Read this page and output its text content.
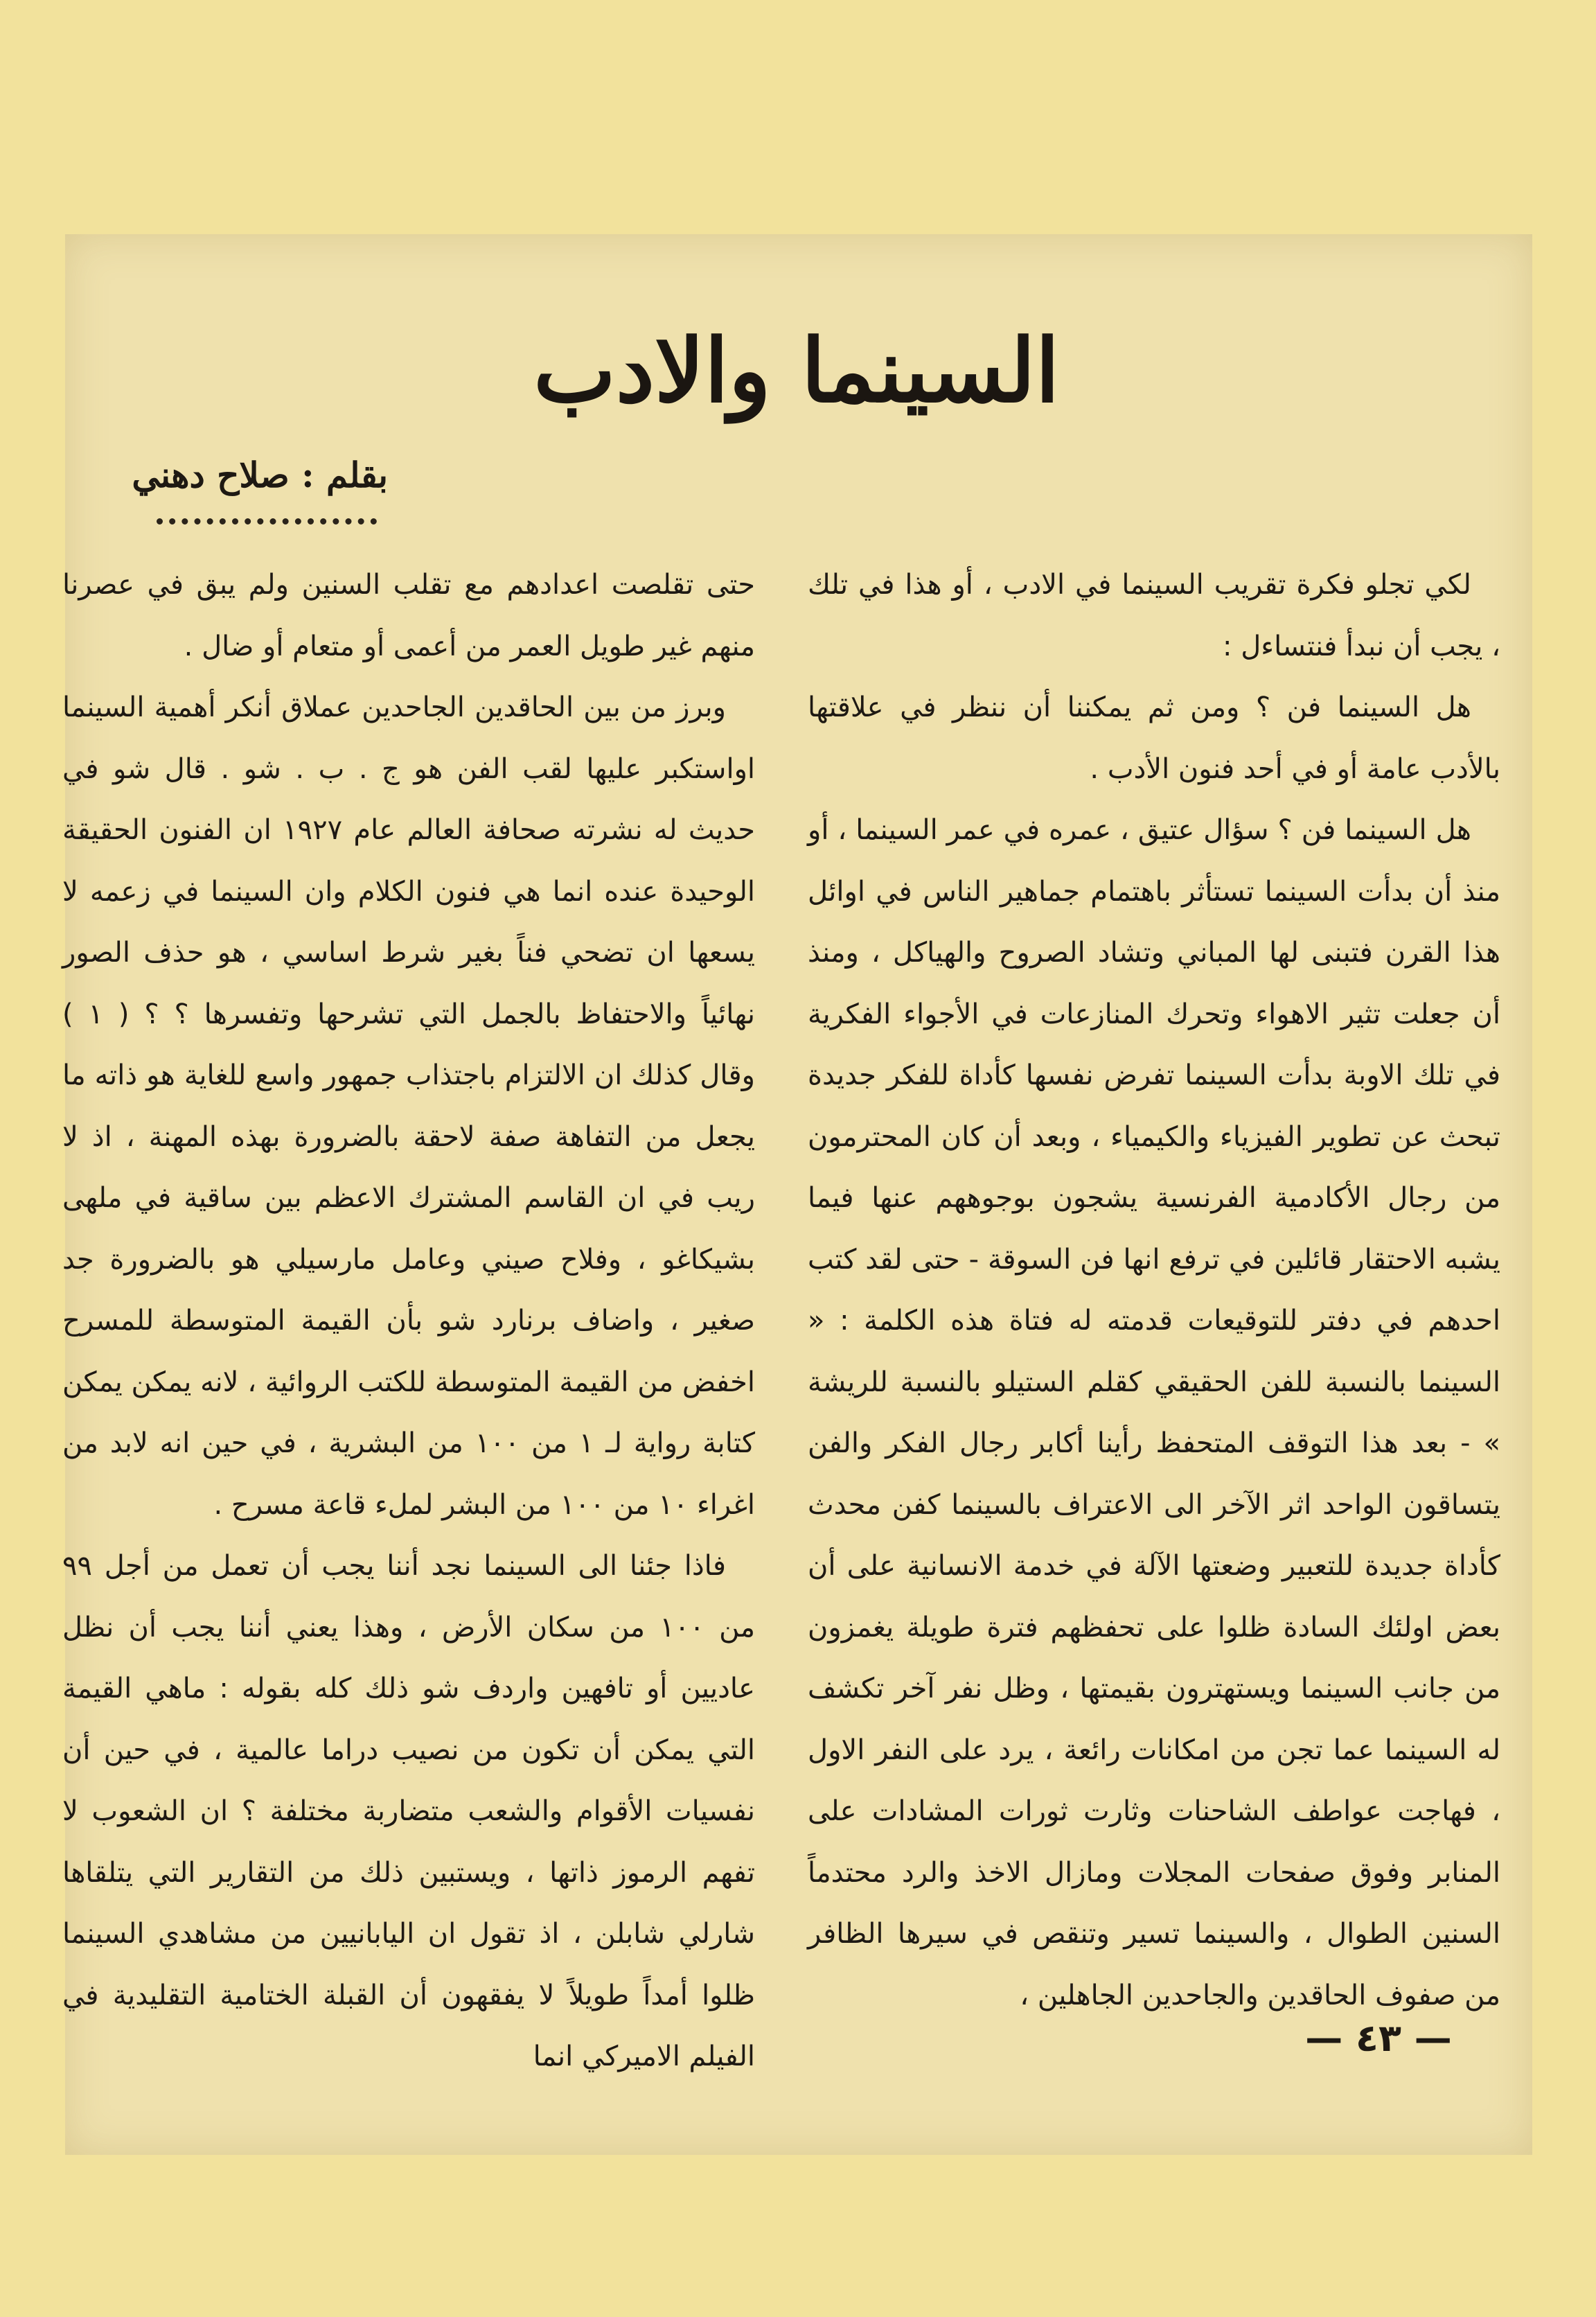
السينما والادب
بقلم : صلاح دهني

لكي تجلو فكرة تقريب السينما في الادب ، أو هذا في تلك ، يجب أن نبدأ فنتساءل :

هل السينما فن ؟ ومن ثم يمكننا أن ننظر في علاقتها بالأدب عامة أو في أحد فنون الأدب .

هل السينما فن ؟ سؤال عتيق ، عمره في عمر السينما ، أو منذ أن بدأت السينما تستأثر باهتمام جماهير الناس في اوائل هذا القرن فتبنى لها المباني وتشاد الصروح والهياكل ، ومنذ أن جعلت تثير الاهواء وتحرك المنازعات في الأجواء الفكرية في تلك الاوبة بدأت السينما تفرض نفسها كأداة للفكر جديدة تبحث عن تطوير الفيزياء والكيمياء ، وبعد أن كان المحترمون من رجال الأكادمية الفرنسية يشجون بوجوههم عنها فيما يشبه الاحتقار قائلين في ترفع انها فن السوقة - حتى لقد كتب احدهم في دفتر للتوقيعات قدمته له فتاة هذه الكلمة : « السينما بالنسبة للفن الحقيقي كقلم الستيلو بالنسبة للريشة » - بعد هذا التوقف المتحفظ رأينا أكابر رجال الفكر والفن يتساقون الواحد اثر الآخر الى الاعتراف بالسينما كفن محدث كأداة جديدة للتعبير وضعتها الآلة في خدمة الانسانية على أن بعض اولئك السادة ظلوا على تحفظهم فترة طويلة يغمزون من جانب السينما ويستهترون بقيمتها ، وظل نفر آخر تكشف له السينما عما تجن من امكانات رائعة ، يرد على النفر الاول ، فهاجت عواطف الشاحنات وثارت ثورات المشادات على المنابر وفوق صفحات المجلات ومازال الاخذ والرد محتدماً السنين الطوال ، والسينما تسير وتنقص في سيرها الظافر من صفوف الحاقدين والجاحدين الجاهلين ،

حتى تقلصت اعدادهم مع تقلب السنين ولم يبق في عصرنا منهم غير طويل العمر من أعمى أو متعام أو ضال .

وبرز من بين الحاقدين الجاحدين عملاق أنكر أهمية السينما اواستكبر عليها لقب الفن هو ج . ب . شو . قال شو في حديث له نشرته صحافة العالم عام ١٩٢٧ ان الفنون الحقيقة الوحيدة عنده انما هي فنون الكلام وان السينما في زعمه لا يسعها ان تضحي فناً بغير شرط اساسي ، هو حذف الصور نهائياً والاحتفاظ بالجمل التي تشرحها وتفسرها ؟ ؟ ( ١ ) وقال كذلك ان الالتزام باجتذاب جمهور واسع للغاية هو ذاته ما يجعل من التفاهة صفة لاحقة بالضرورة بهذه المهنة ، اذ لا ريب في ان القاسم المشترك الاعظم بين ساقية في ملهى بشيكاغو ، وفلاح صيني وعامل مارسيلي هو بالضرورة جد صغير ، واضاف برنارد شو بأن القيمة المتوسطة للمسرح اخفض من القيمة المتوسطة للكتب الروائية ، لانه يمكن يمكن كتابة رواية لـ ١ من ١٠٠ من البشرية ، في حين انه لابد من اغراء ١٠ من ١٠٠ من البشر لملء قاعة مسرح .

فاذا جئنا الى السينما نجد أننا يجب أن تعمل من أجل ٩٩ من ١٠٠ من سكان الأرض ، وهذا يعني أننا يجب أن نظل عاديين أو تافهين واردف شو ذلك كله بقوله : ماهي القيمة التي يمكن أن تكون من نصيب دراما عالمية ، في حين أن نفسيات الأقوام والشعب متضاربة مختلفة ؟ ان الشعوب لا تفهم الرموز ذاتها ، ويستبين ذلك من التقارير التي يتلقاها شارلي شابلن ، اذ تقول ان اليابانيين من مشاهدي السينما ظلوا أمداً طويلاً لا يفقهون أن القبلة الختامية التقليدية في الفيلم الاميركي انما	— ٤٣ —
